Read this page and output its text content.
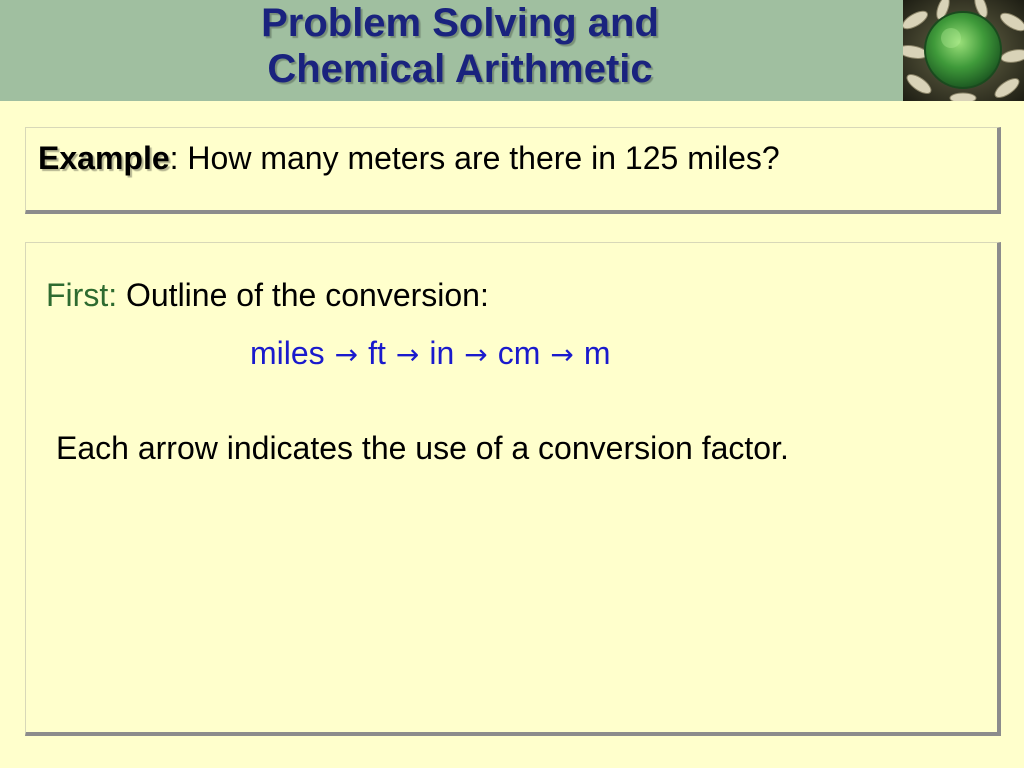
Problem Solving and
Chemical Arithmetic
Example: How many meters are there in 125 miles?
First: Outline of the conversion:
miles → ft → in → cm → m
Each arrow indicates the use of a conversion factor.
